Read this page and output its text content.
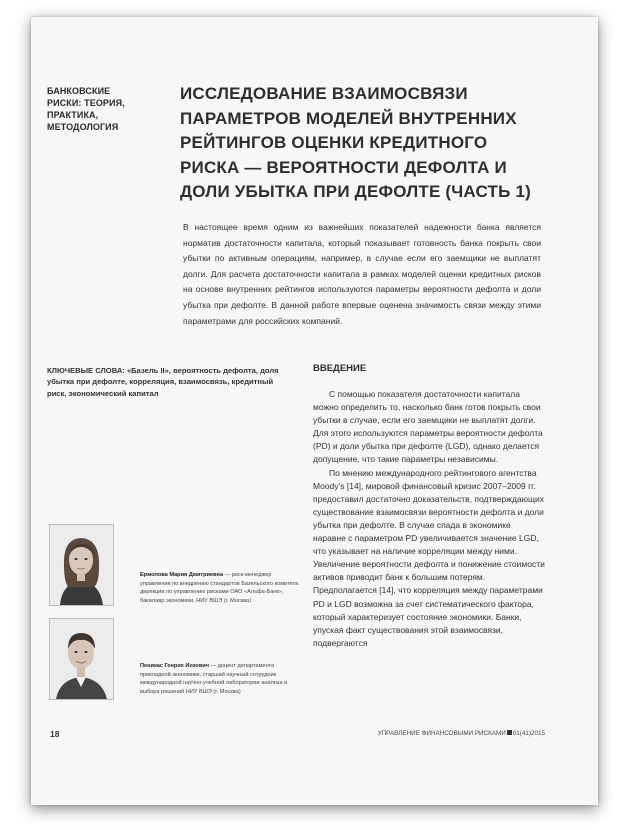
БАНКОВСКИЕ РИСКИ: ТЕОРИЯ, ПРАКТИКА, МЕТОДОЛОГИЯ
ИССЛЕДОВАНИЕ ВЗАИМОСВЯЗИ ПАРАМЕТРОВ МОДЕЛЕЙ ВНУТРЕННИХ РЕЙТИНГОВ ОЦЕНКИ КРЕДИТНОГО РИСКА — ВЕРОЯТНОСТИ ДЕФОЛТА И ДОЛИ УБЫТКА ПРИ ДЕФОЛТЕ (ЧАСТЬ 1)
В настоящее время одним из важнейших показателей надежности банка является норматив достаточности капитала, который показывает готовность банка покрыть свои убытки по активным операциям, например, в случае если его заемщики не выплатят долги. Для расчета достаточности капитала в рамках моделей оценки кредитных рисков на основе внутренних рейтингов используются параметры вероятности дефолта и доли убытка при дефолте. В данной работе впервые оценена значимость связи между этими параметрами для российских компаний.
КЛЮЧЕВЫЕ СЛОВА: «Базель II», вероятность дефолта, доля убытка при дефолте, корреляция, взаимосвязь, кредитный риск, экономический капитал
ВВЕДЕНИЕ

С помощью показателя достаточности капитала можно определить то, насколько банк готов покрыть свои убытки в случае, если его заемщики не выплатят долги. Для этого используются параметры вероятности дефолта (PD) и доли убытка при дефолте (LGD), однако делается допущение, что такие параметры независимы.

По мнению международного рейтингового агентства Moody’s [14], мировой финансовый кризис 2007–2009 гг. предоставил достаточно доказательств, подтверждающих существование взаимосвязи вероятности дефолта и доли убытка при дефолте. В случае спада в экономике наравне с параметром PD увеличивается значение LGD, что указывает на наличие корреляции между ними. Увеличение вероятности дефолта и понижение стоимости активов приводит банк к большим потерям. Предполагается [14], что корреляция между параметрами PD и LGD возможна за счет систематического фактора, который характеризует состояние экономики. Банки, упуская факт существования этой взаимосвязи, подвергаются

Ермолова Мария Дмитриевна — риск-менеджер управления по внедрению стандартов Базельского комитета дирекции по управлению рисками ОАО «Альфа-Банк», бакалавр экономики, НИУ ВШЭ (г. Москва)
Пеникас Генрих Иозович — доцент департамента прикладной экономики, старший научный сотрудник международной научно-учебной лаборатории анализа и выбора решений НИУ ВШЭ (г. Москва)
18	УПРАВЛЕНИЕ ФИНАНСОВЫМИ РИСКАМИ 01(41)2015
